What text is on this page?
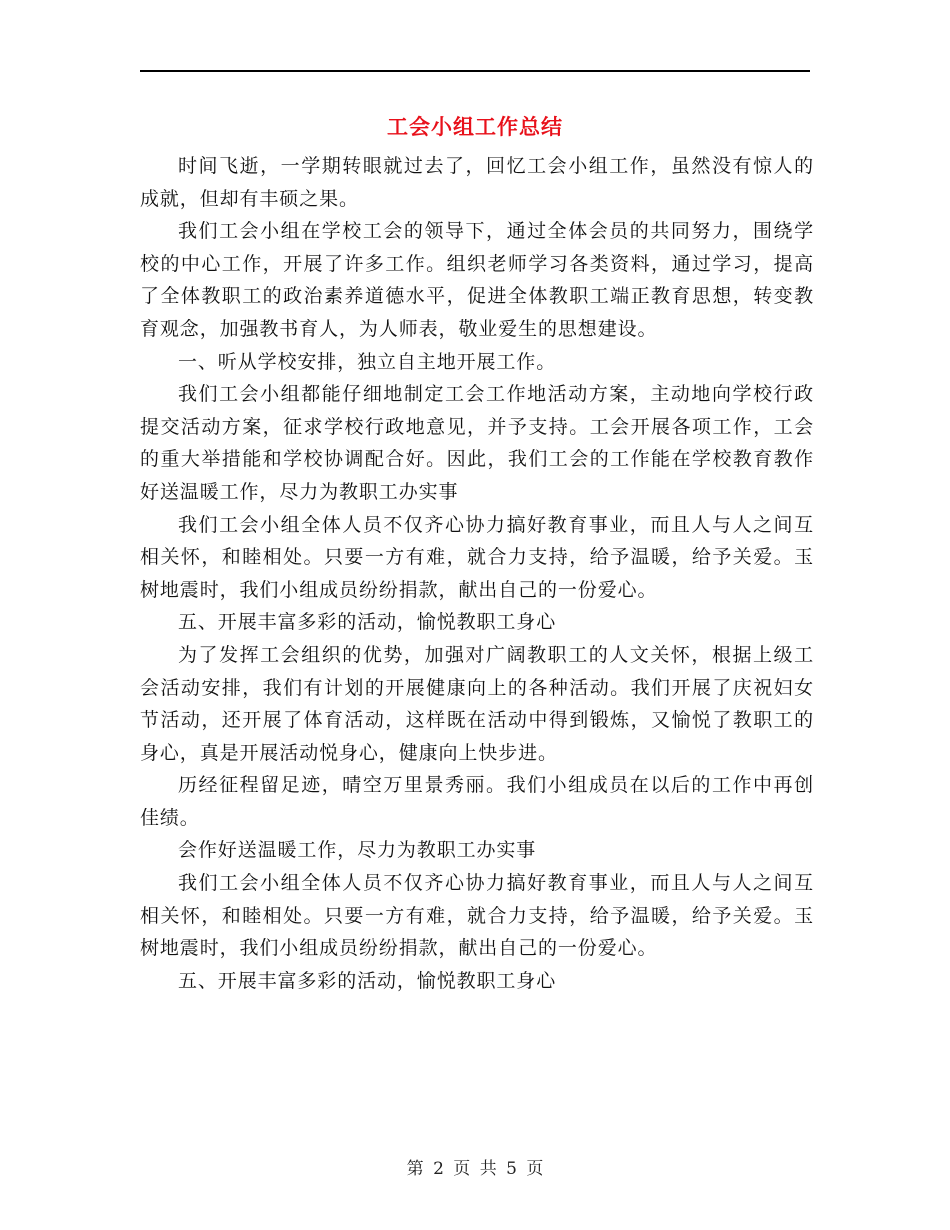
工会小组工作总结

时间飞逝，一学期转眼就过去了，回忆工会小组工作，虽然没有惊人的成就，但却有丰硕之果。

我们工会小组在学校工会的领导下，通过全体会员的共同努力，围绕学校的中心工作，开展了许多工作。组织老师学习各类资料，通过学习，提高了全体教职工的政治素养道德水平，促进全体教职工端正教育思想，转变教育观念，加强教书育人，为人师表，敬业爱生的思想建设。

一、听从学校安排，独立自主地开展工作。

我们工会小组都能仔细地制定工会工作地活动方案，主动地向学校行政提交活动方案，征求学校行政地意见，并予支持。工会开展各项工作，工会的重大举措能和学校协调配合好。因此，我们工会的工作能在学校教育教作好送温暖工作，尽力为教职工办实事

我们工会小组全体人员不仅齐心协力搞好教育事业，而且人与人之间互相关怀，和睦相处。只要一方有难，就合力支持，给予温暖，给予关爱。玉树地震时，我们小组成员纷纷捐款，献出自己的一份爱心。

五、开展丰富多彩的活动，愉悦教职工身心

为了发挥工会组织的优势，加强对广阔教职工的人文关怀，根据上级工会活动安排，我们有计划的开展健康向上的各种活动。我们开展了庆祝妇女节活动，还开展了体育活动，这样既在活动中得到锻炼，又愉悦了教职工的身心，真是开展活动悦身心，健康向上快步进。

历经征程留足迹，晴空万里景秀丽。我们小组成员在以后的工作中再创佳绩。

会作好送温暖工作，尽力为教职工办实事

我们工会小组全体人员不仅齐心协力搞好教育事业，而且人与人之间互相关怀，和睦相处。只要一方有难，就合力支持，给予温暖，给予关爱。玉树地震时，我们小组成员纷纷捐款，献出自己的一份爱心。

五、开展丰富多彩的活动，愉悦教职工身心

第 2 页 共 5 页
